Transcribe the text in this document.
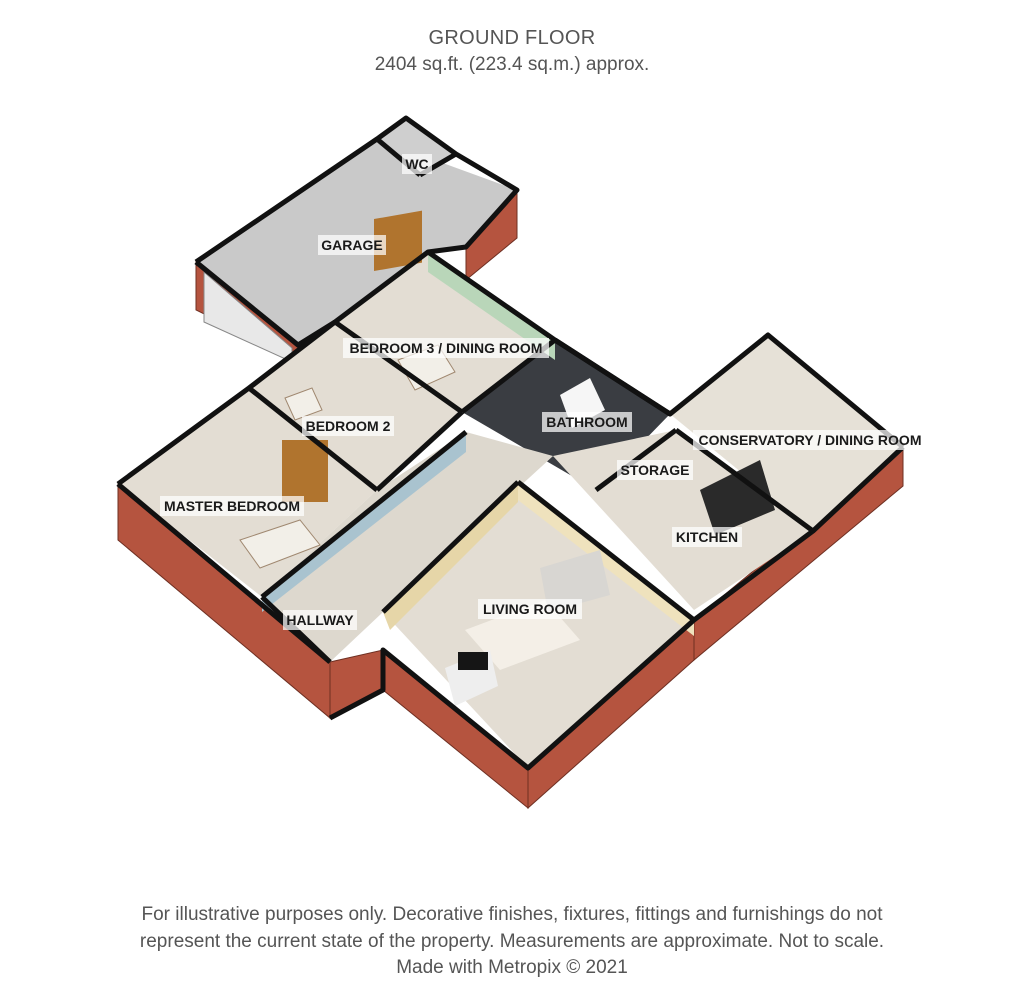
GROUND FLOOR
2404 sq.ft. (223.4 sq.m.) approx.
GARAGE
WC
BEDROOM 3 / DINING ROOM
BATHROOM
CONSERVATORY / DINING ROOM
BEDROOM 2
STORAGE
MASTER BEDROOM
KITCHEN
LIVING ROOM
HALLWAY
For illustrative purposes only. Decorative finishes, fixtures, fittings and furnishings do not
represent the current state of the property. Measurements are approximate. Not to scale.
Made with Metropix © 2021
